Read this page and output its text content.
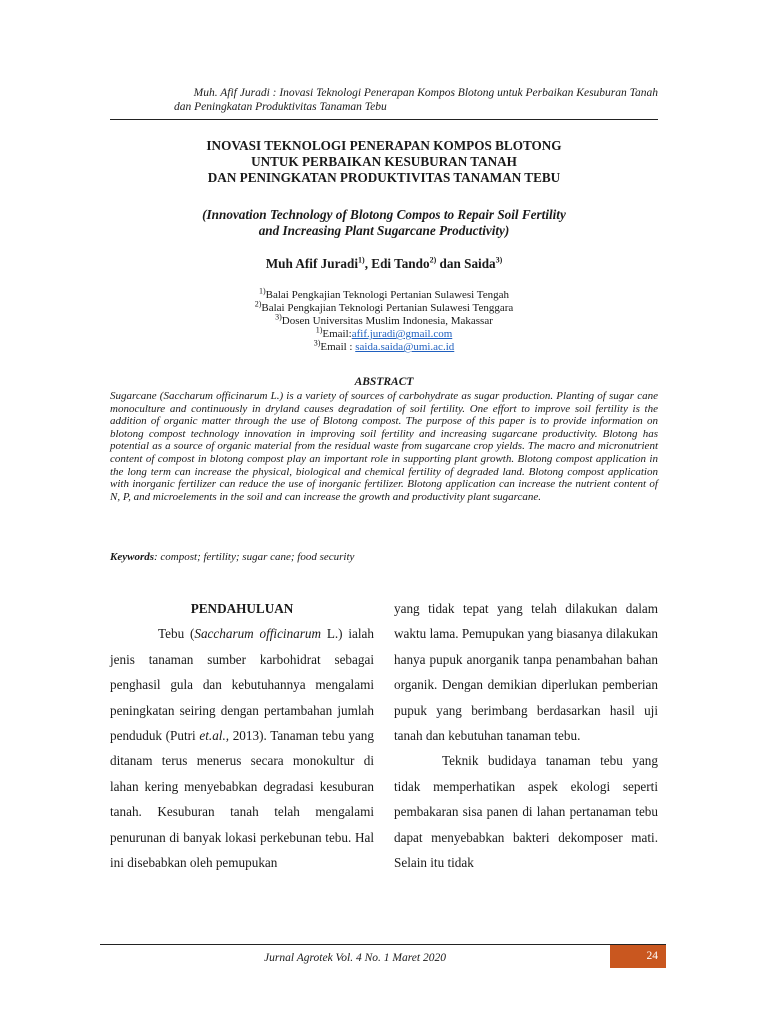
Muh. Afif Juradi : Inovasi Teknologi Penerapan Kompos Blotong untuk Perbaikan Kesuburan Tanah
dan Peningkatan Produktivitas Tanaman Tebu
INOVASI TEKNOLOGI PENERAPAN KOMPOS BLOTONG
UNTUK PERBAIKAN KESUBURAN TANAH
DAN PENINGKATAN PRODUKTIVITAS TANAMAN TEBU
(Innovation Technology of Blotong Compos to Repair Soil Fertility
and Increasing Plant Sugarcane Productivity)
Muh Afif Juradi$^{1)}$, Edi Tando$^{2)}$ dan Saida$^{3)}$
$^{1)}$Balai Pengkajian Teknologi Pertanian Sulawesi Tengah
$^{2)}$Balai Pengkajian Teknologi Pertanian Sulawesi Tenggara
$^{3)}$Dosen Universitas Muslim Indonesia, Makassar
$^{1)}$Email:afif.juradi@gmail.com
$^{3)}$Email : saida.saida@umi.ac.id
ABSTRACT

Sugarcane (Saccharum officinarum L.) is a variety of sources of carbohydrate as sugar production. Planting of sugar cane monoculture and continuously in dryland causes degradation of soil fertility. One effort to improve soil fertility is the addition of organic matter through the use of Blotong compost. The purpose of this paper is to provide information on blotong compost technology innovation in improving soil fertility and increasing sugarcane productivity. Blotong has potential as a source of organic material from the residual waste from sugarcane crop yields. The macro and micronutrient content of compost in blotong compost play an important role in supporting plant growth. Blotong compost application in the long term can increase the physical, biological and chemical fertility of degraded land. Blotong compost application with inorganic fertilizer can reduce the use of inorganic fertilizer. Blotong application can increase the nutrient content of N, P, and microelements in the soil and can increase the growth and productivity plant sugarcane.

Keywords: compost; fertility; sugar cane; food security

PENDAHULUAN

Tebu (Saccharum officinarum L.) ialah jenis tanaman sumber karbohidrat sebagai penghasil gula dan kebutuhannya mengalami peningkatan seiring dengan pertambahan jumlah penduduk (Putri et.al., 2013). Tanaman tebu yang ditanam terus menerus secara monokultur di lahan kering menyebabkan degradasi kesuburan tanah. Kesuburan tanah telah mengalami penurunan di banyak lokasi perkebunan tebu. Hal ini disebabkan oleh pemupukan

yang tidak tepat yang telah dilakukan dalam waktu lama. Pemupukan yang biasanya dilakukan hanya pupuk anorganik tanpa penambahan bahan organik. Dengan demikian diperlukan pemberian pupuk yang berimbang berdasarkan hasil uji tanah dan kebutuhan tanaman tebu.

Teknik budidaya tanaman tebu yang tidak memperhatikan aspek ekologi seperti pembakaran sisa panen di lahan pertanaman tebu dapat menyebabkan bakteri dekomposer mati. Selain itu tidak

Jurnal Agrotek Vol. 4 No. 1 Maret 2020	24
